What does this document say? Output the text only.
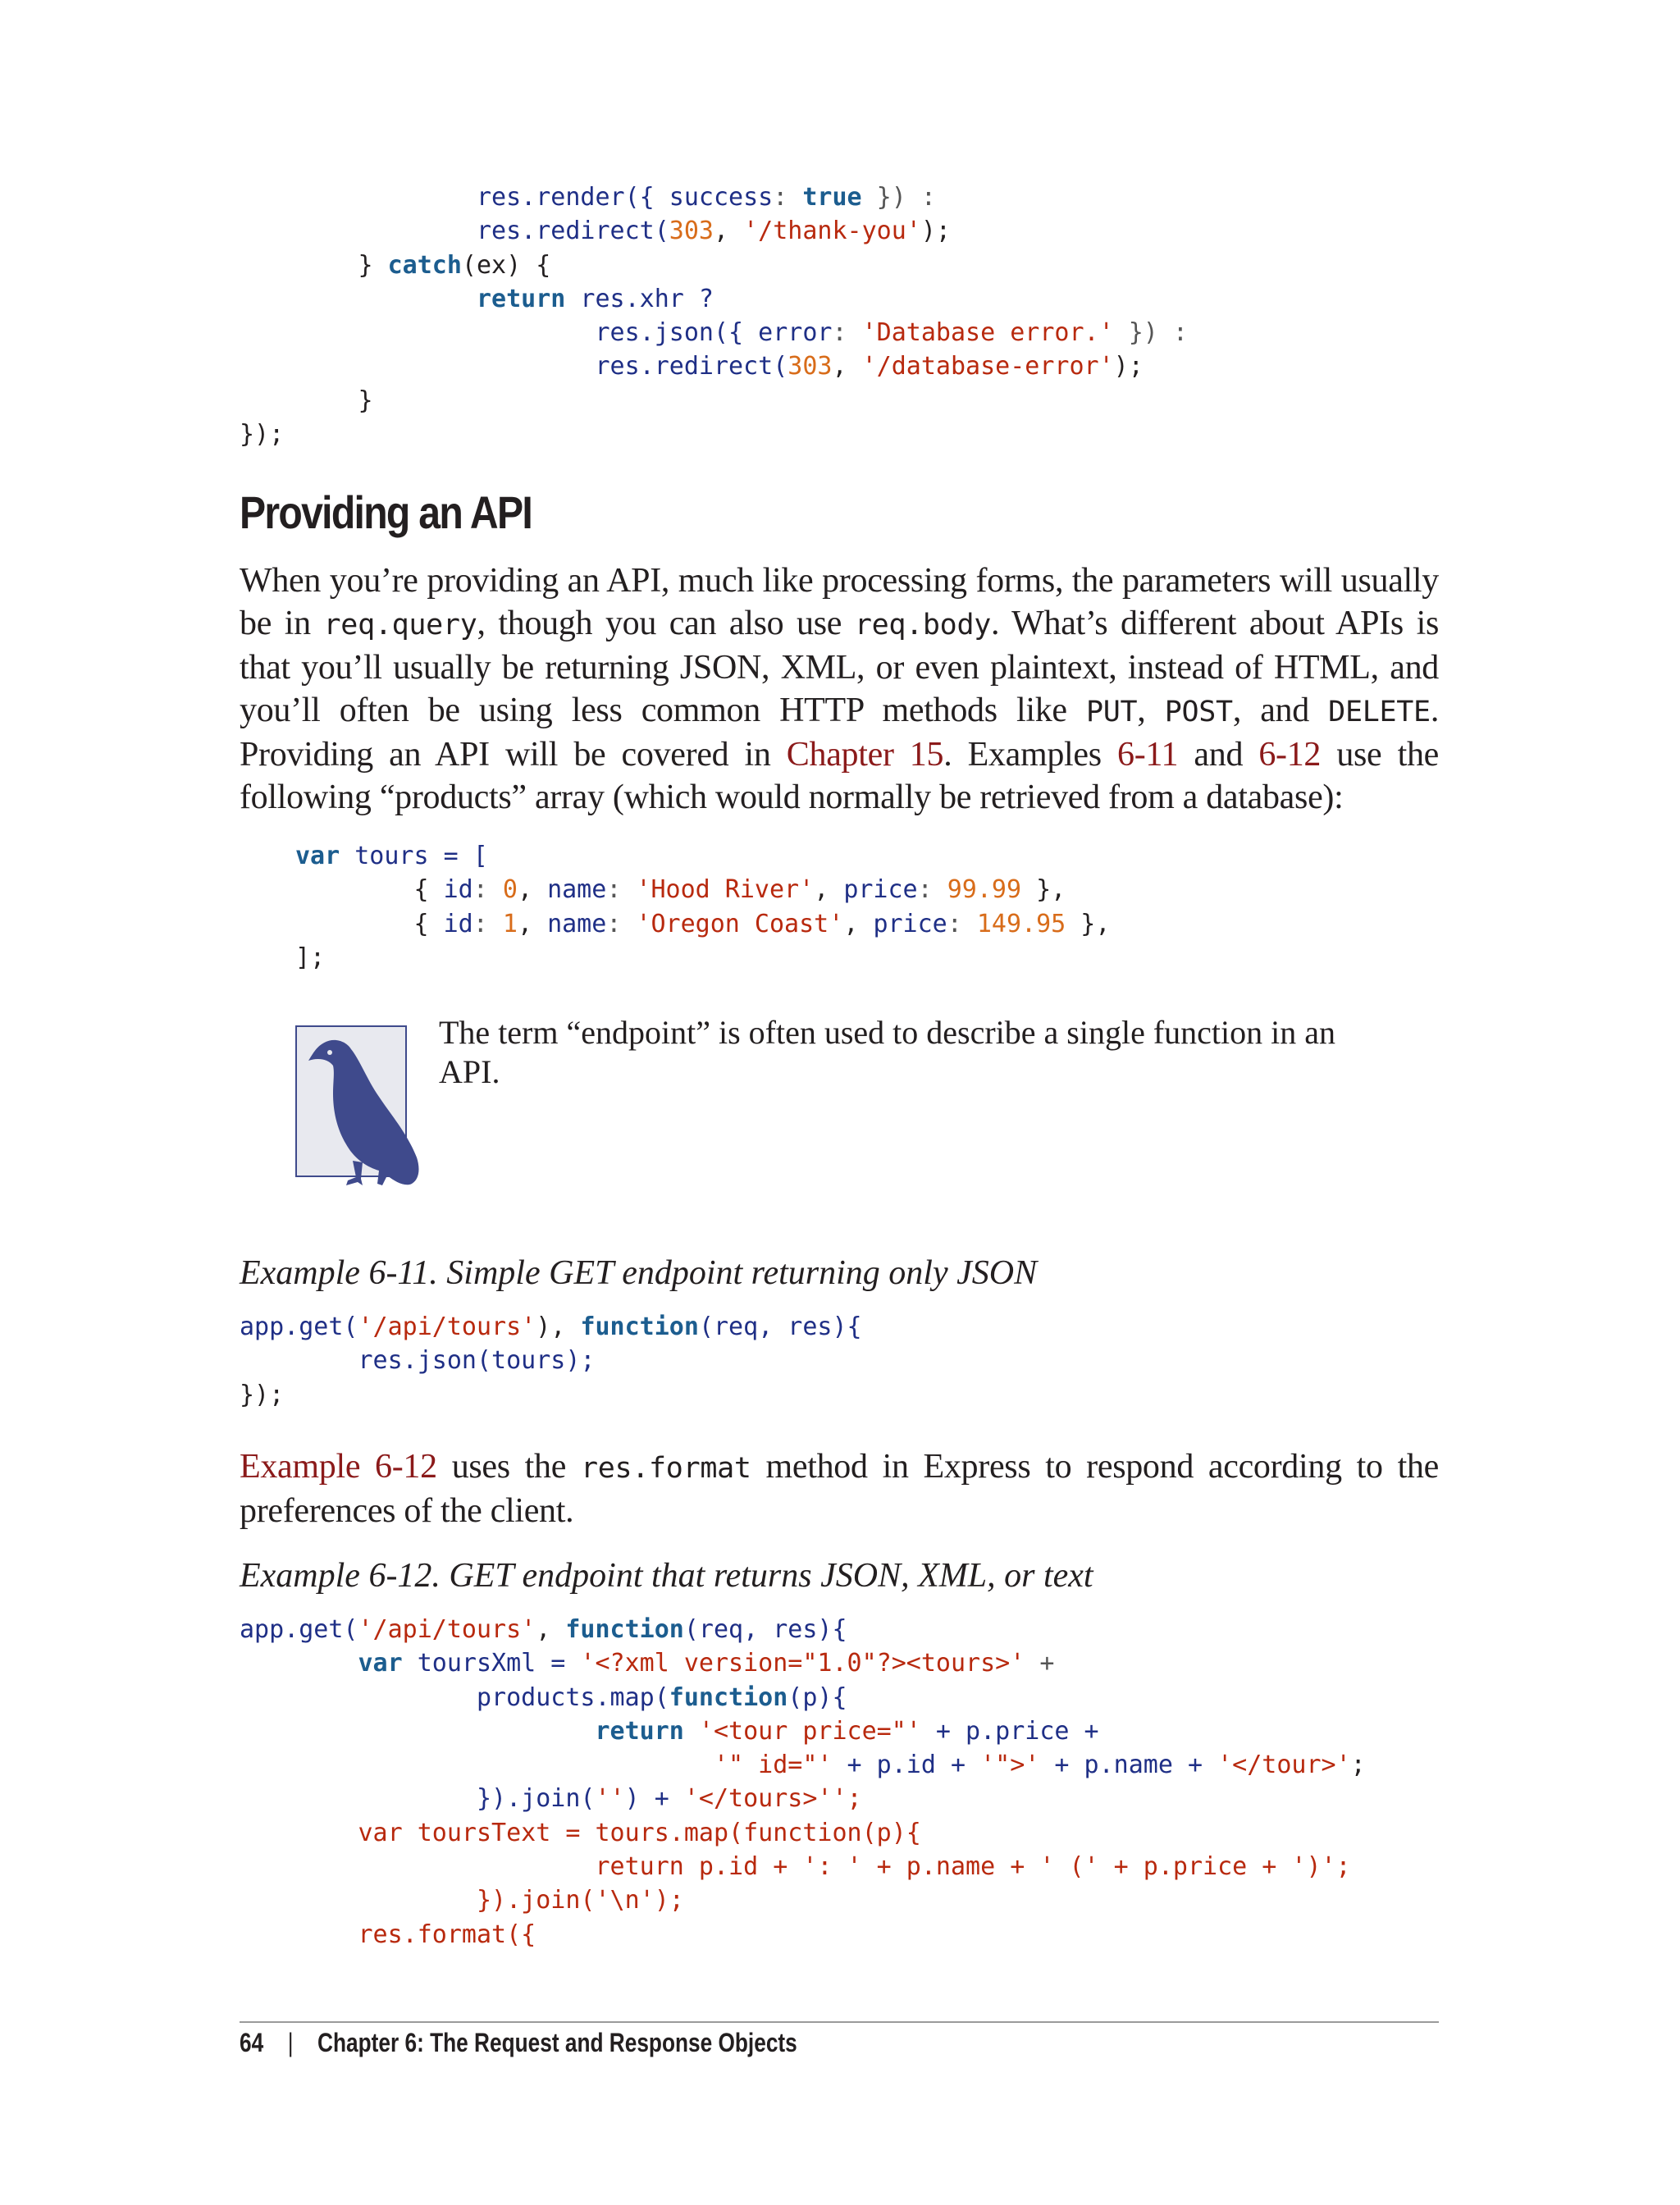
res.render({ success: true }) :
res.redirect(303, '/thank-you');
} catch(ex) {
return res.xhr ?
res.json({ error: 'Database error.' }) :
res.redirect(303, '/database-error');
}
});
Providing an API

When you’re providing an API, much like processing forms, the parameters will usually be in req.query, though you can also use req.body. What’s different about APIs is that you’ll usually be returning JSON, XML, or even plaintext, instead of HTML, and you’ll often be using less common HTTP methods like PUT, POST, and DELETE. Providing an API will be covered in Chapter 15. Examples 6-11 and 6-12 use the following “products” array (which would normally be retrieved from a database):

var tours = [
{ id: 0, name: 'Hood River', price: 99.99 },
{ id: 1, name: 'Oregon Coast', price: 149.95 },
];

The term “endpoint” is often used to describe a single function in an API.

Example 6-11. Simple GET endpoint returning only JSON

app.get('/api/tours'), function(req, res){
res.json(tours);
});

Example 6-12 uses the res.format method in Express to respond according to the preferences of the client.

Example 6-12. GET endpoint that returns JSON, XML, or text

app.get('/api/tours', function(req, res){
var toursXml = '<?xml version="1.0"?><tours>' +
products.map(function(p){
return '<tour price="' + p.price +
'" id="' + p.id + '">' + p.name + '</tour>';
}).join('') + '</tours>'';
var toursText = tours.map(function(p){
return p.id + ': ' + p.name + ' (' + p.price + ')';
}).join('\n');
res.format({
64 | Chapter 6: The Request and Response Objects
